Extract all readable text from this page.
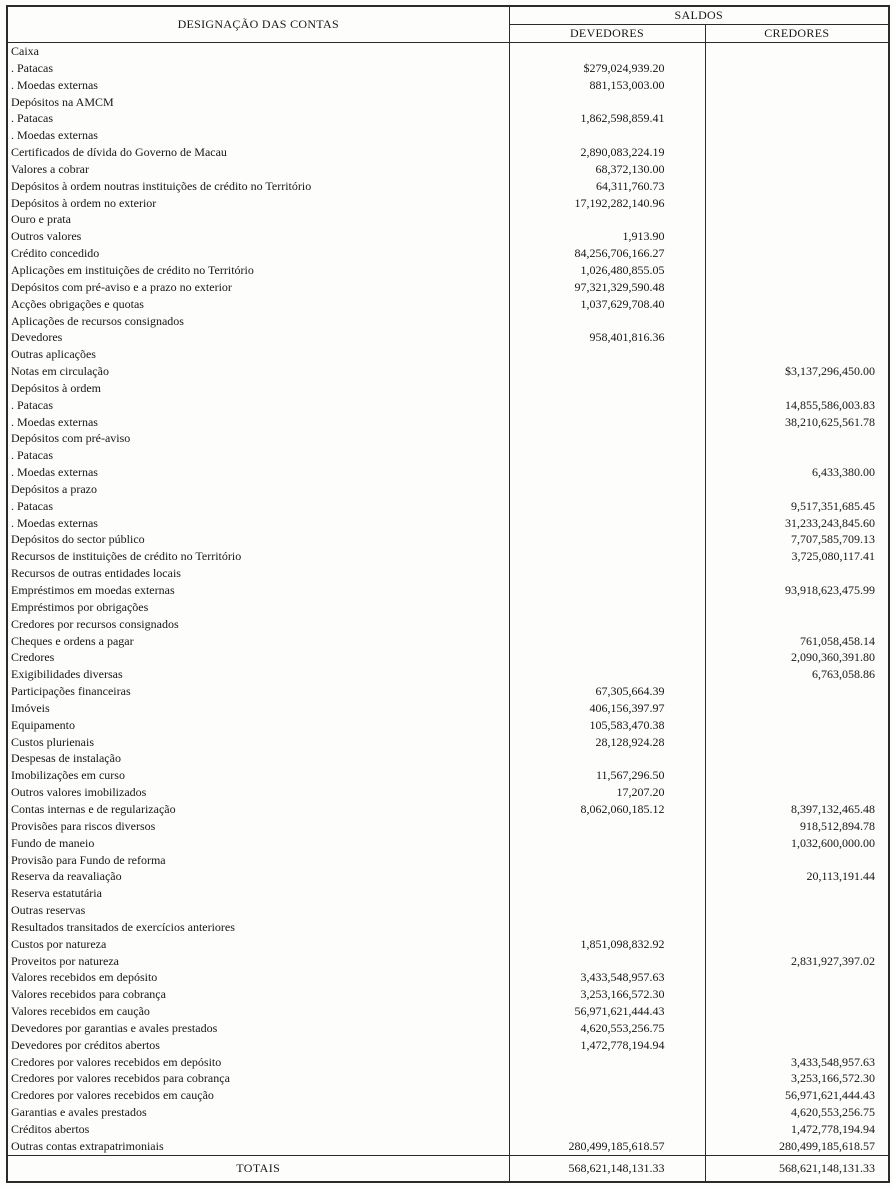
DESIGNAÇÃO DAS CONTAS	SALDOS	
	DEVEDORES	CREDORES
Caixa		
. Patacas	$279,024,939.20	
. Moedas externas	881,153,003.00	
Depósitos na AMCM		
. Patacas	1,862,598,859.41	
. Moedas externas		
Certificados de dívida do Governo de Macau	2,890,083,224.19	
Valores a cobrar	68,372,130.00	
Depósitos à ordem noutras instituições de crédito no Território	64,311,760.73	
Depósitos à ordem no exterior	17,192,282,140.96	
Ouro e prata		
Outros valores	1,913.90	
Crédito concedido	84,256,706,166.27	
Aplicações em instituições de crédito no Território	1,026,480,855.05	
Depósitos com pré-aviso e a prazo no exterior	97,321,329,590.48	
Acções obrigações e quotas	1,037,629,708.40	
Aplicações de recursos consignados		
Devedores	958,401,816.36	
Outras aplicações		
Notas em circulação		$3,137,296,450.00
Depósitos à ordem		
. Patacas		14,855,586,003.83
. Moedas externas		38,210,625,561.78
Depósitos com pré-aviso		
. Patacas		
. Moedas externas		6,433,380.00
Depósitos a prazo		
. Patacas		9,517,351,685.45
. Moedas externas		31,233,243,845.60
Depósitos do sector público		7,707,585,709.13
Recursos de instituições de crédito no Território		3,725,080,117.41
Recursos de outras entidades locais		
Empréstimos em moedas externas		93,918,623,475.99
Empréstimos por obrigações		
Credores por recursos consignados		
Cheques e ordens a pagar		761,058,458.14
Credores		2,090,360,391.80
Exigibilidades diversas		6,763,058.86
Participações financeiras	67,305,664.39	
Imóveis	406,156,397.97	
Equipamento	105,583,470.38	
Custos plurienais	28,128,924.28	
Despesas de instalação		
Imobilizações em curso	11,567,296.50	
Outros valores imobilizados	17,207.20	
Contas internas e de regularização	8,062,060,185.12	8,397,132,465.48
Provisões para riscos diversos		918,512,894.78
Fundo de maneio		1,032,600,000.00
Provisão para Fundo de reforma		
Reserva da reavaliação		20,113,191.44
Reserva estatutária		
Outras reservas		
Resultados transitados de exercícios anteriores		
Custos por natureza	1,851,098,832.92	
Proveitos por natureza		2,831,927,397.02
Valores recebidos em depósito	3,433,548,957.63	
Valores recebidos para cobrança	3,253,166,572.30	
Valores recebidos em caução	56,971,621,444.43	
Devedores por garantias e avales prestados	4,620,553,256.75	
Devedores por créditos abertos	1,472,778,194.94	
Credores por valores recebidos em depósito		3,433,548,957.63
Credores por valores recebidos para cobrança		3,253,166,572.30
Credores por valores recebidos em caução		56,971,621,444.43
Garantias e avales prestados		4,620,553,256.75
Créditos abertos		1,472,778,194.94
Outras contas extrapatrimoniais	280,499,185,618.57	280,499,185,618.57
TOTAIS	568,621,148,131.33	568,621,148,131.33
